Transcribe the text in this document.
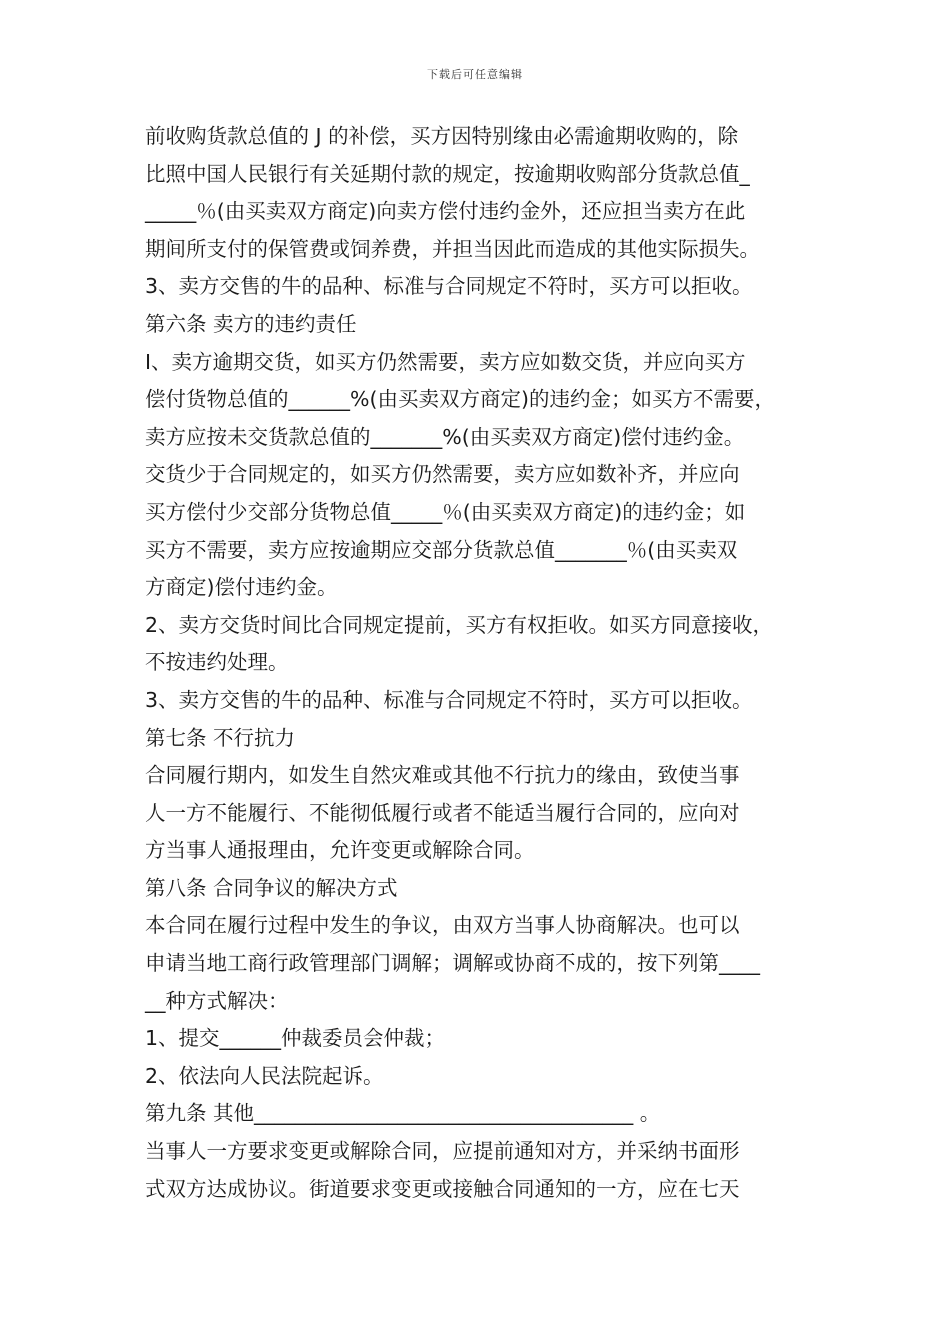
下载后可任意编辑
前收购货款总值的 J 的补偿，买方因特别缘由必需逾期收购的，除
比照中国人民银行有关延期付款的规定，按逾期收购部分货款总值_
_____％(由买卖双方商定)向卖方偿付违约金外，还应担当卖方在此
期间所支付的保管费或饲养费，并担当因此而造成的其他实际损失。
3、卖方交售的牛的品种、标准与合同规定不符时，买方可以拒收。
第六条 卖方的违约责任
I、卖方逾期交货，如买方仍然需要，卖方应如数交货，并应向买方
偿付货物总值的______%(由买卖双方商定)的违约金；如买方不需要，
卖方应按未交货款总值的_______%(由买卖双方商定)偿付违约金。
交货少于合同规定的，如买方仍然需要，卖方应如数补齐，并应向
买方偿付少交部分货物总值_____％(由买卖双方商定)的违约金；如
买方不需要，卖方应按逾期应交部分货款总值_______％(由买卖双
方商定)偿付违约金。
2、卖方交货时间比合同规定提前，买方有权拒收。如买方同意接收，
不按违约处理。
3、卖方交售的牛的品种、标准与合同规定不符时，买方可以拒收。
第七条 不行抗力
合同履行期内，如发生自然灾难或其他不行抗力的缘由，致使当事
人一方不能履行、不能彻低履行或者不能适当履行合同的，应向对
方当事人通报理由，允许变更或解除合同。
第八条 合同争议的解决方式
本合同在履行过程中发生的争议，由双方当事人协商解决。也可以
申请当地工商行政管理部门调解；调解或协商不成的，按下列第____
__种方式解决：
1、提交______仲裁委员会仲裁；
2、依法向人民法院起诉。
第九条 其他_____________________________________ 。
当事人一方要求变更或解除合同，应提前通知对方，并采纳书面形
式双方达成协议。街道要求变更或接触合同通知的一方，应在七天
